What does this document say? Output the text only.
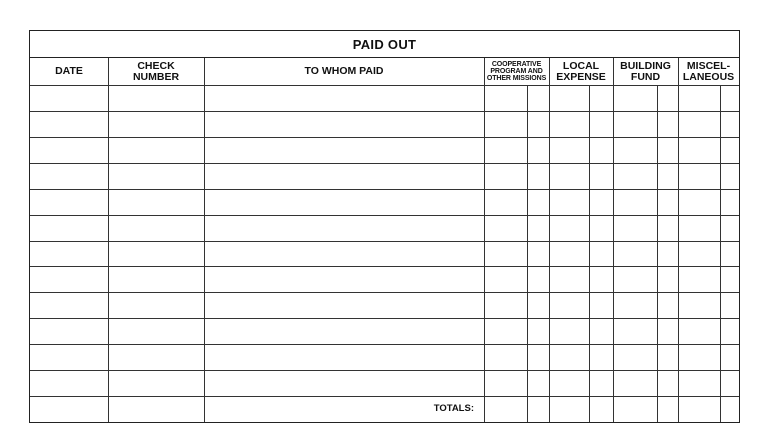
PAID OUT
DATE	CHECK
NUMBER	TO WHOM PAID
COOPERATIVE
PROGRAM AND
OTHER MISSIONS
LOCAL
EXPENSE
BUILDING
FUND
MISCEL-
LANEOUS
TOTALS:
